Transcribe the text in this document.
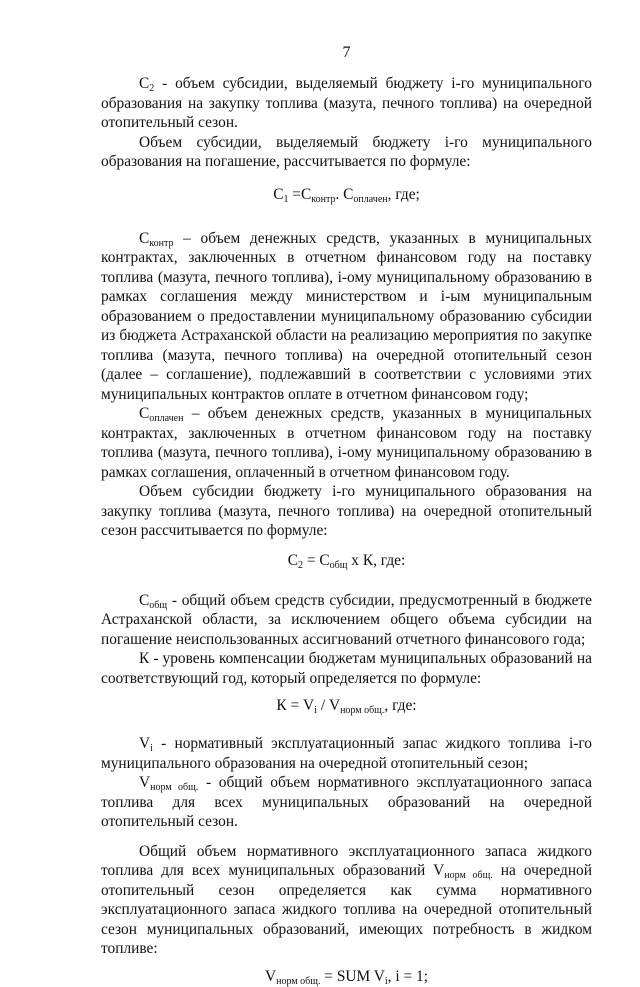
7

$С_2$ - объем субсидии, выделяемый бюджету і-го муниципального образования на закупку топлива (мазута, печного топлива) на очередной отопительный сезон.

Объем субсидии, выделяемый бюджету і-го муниципального образования на погашение, рассчитывается по формуле:

$С_1 =С_{контр}$. $С_{оплачен}$, где;

$С_{контр}$ – объем денежных средств, указанных в муниципальных контрактах, заключенных в отчетном финансовом году на поставку топлива (мазута, печного топлива), і-ому муниципальному образованию в рамках соглашения между министерством и і-ым муниципальным образованием о предоставлении муниципальному образованию субсидии из бюджета Астраханской области на реализацию мероприятия по закупке топлива (мазута, печного топлива) на очередной отопительный сезон (далее – соглашение), подлежавший в соответствии с условиями этих муниципальных контрактов оплате в отчетном финансовом году;

$С_{оплачен}$ – объем денежных средств, указанных в муниципальных контрактах, заключенных в отчетном финансовом году на поставку топлива (мазута, печного топлива), і-ому муниципальному образованию в рамках соглашения, оплаченный в отчетном финансовом году.

Объем субсидии бюджету і-го муниципального образования на закупку топлива (мазута, печного топлива) на очередной отопительный сезон рассчитывается по формуле:

$С_2 = С_{общ}$ х К, где:

$С_{общ}$ - общий объем средств субсидии, предусмотренный в бюджете Астраханской области, за исключением общего объема субсидии на погашение неиспользованных ассигнований отчетного финансового года;

К - уровень компенсации бюджетам муниципальных образований на соответствующий год, который определяется по формуле:

$К = V_і / V_{норм общ.}$, где:

$V_і$ - нормативный эксплуатационный запас жидкого топлива і-го муниципального образования на очередной отопительный сезон;

$V_{норм общ.}$ - общий объем нормативного эксплуатационного запаса топлива для всех муниципальных образований на очередной отопительный сезон.

Общий объем нормативного эксплуатационного запаса жидкого топлива для всех муниципальных образований $V_{норм общ.}$ на очередной отопительный сезон определяется как сумма нормативного эксплуатационного запаса жидкого топлива на очередной отопительный сезон муниципальных образований, имеющих потребность в жидком топливе:

$V_{норм общ.}$ = SUM $V_і$, і = 1;
